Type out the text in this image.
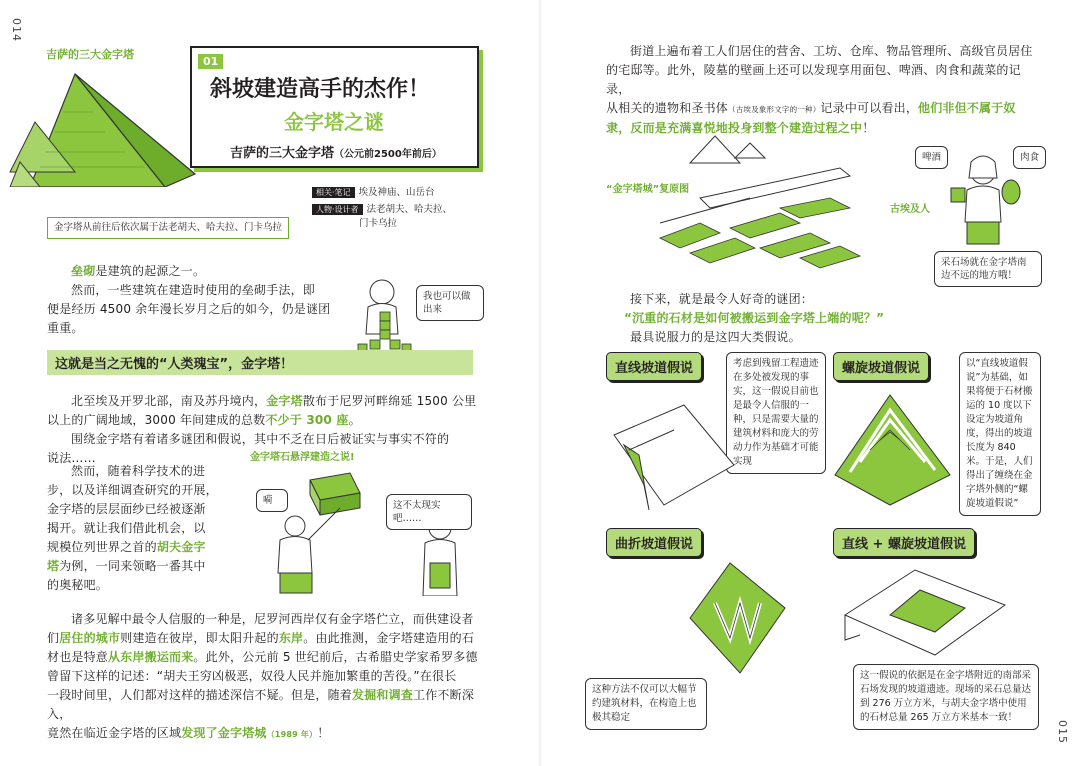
014
吉萨的三大金字塔
01
斜坡建造高手的杰作！
金字塔之谜
吉萨的三大金字塔（公元前2500年前后）
金字塔从前往后依次属于法老胡夫、哈夫拉、门卡乌拉
相关·笔记 埃及神庙、山岳台
人物·设计者 法老胡夫、哈夫拉、
门卡乌拉
垒砌是建筑的起源之一。
然而，一些建筑在建造时使用的垒砌手法，即
便是经历 4500 余年漫长岁月之后的如今，仍是谜团
重重。
我也可以做出来
这就是当之无愧的“人类瑰宝”，金字塔！
北至埃及开罗北部，南及苏丹境内，金字塔散布于尼罗河畔绵延 1500 公里
以上的广阔地域，3000 年间建成的总数不少于 300 座。
围绕金字塔有着诸多谜团和假说，其中不乏在日后被证实与事实不符的
说法……	金字塔石悬浮建造之说!
然而，随着科学技术的进
步，以及详细调查研究的开展，
金字塔的层层面纱已经被逐渐
揭开。就让我们借此机会，以
规模位列世界之首的胡夫金字
塔为例，一同来领略一番其中
的奥秘吧。
嗬	这不太现实吧……
诸多见解中最令人信服的一种是，尼罗河西岸仅有金字塔伫立，而供建设者
们居住的城市则建造在彼岸，即太阳升起的东岸。由此推测，金字塔建造用的石
材也是特意从东岸搬运而来。此外，公元前 5 世纪前后，古希腊史学家希罗多德
曾留下这样的记述：“胡夫王穷凶极恶，奴役人民并施加繁重的苦役。”在很长
一段时间里，人们都对这样的描述深信不疑。但是，随着发掘和调查工作不断深入，
竟然在临近金字塔的区域发现了金字塔城（1989 年）！
街道上遍布着工人们居住的营舍、工坊、仓库、物品管理所、高级官员居住
的宅邸等。此外，陵墓的壁画上还可以发现享用面包、啤酒、肉食和蔬菜的记录，
从相关的遗物和圣书体（古埃及象形文字的一种）记录中可以看出，他们非但不属于奴
隶，反而是充满喜悦地投身到整个建造过程之中！
“金字塔城”复原图
古埃及人
啤酒	肉食
采石场就在金字塔南边不远的地方哦！
接下来，就是最令人好奇的谜团：
“沉重的石材是如何被搬运到金字塔上端的呢？”
最具说服力的是这四大类假说。
直线坡道假说	考虑到残留工程遗迹在多处被发现的事实，这一假说目前也是最令人信服的一种，只是需要大量的建筑材料和庞大的劳动力作为基础才可能实现
螺旋坡道假说	以“直线坡道假说”为基础，如果将便于石材搬运的 10 度以下设定为坡道角度，得出的坡道长度为 840 米。于是，人们得出了缠绕在金字塔外侧的“螺旋坡道假说”
曲折坡道假说
这种方法不仅可以大幅节约建筑材料，在构造上也极其稳定
直线 + 螺旋坡道假说
这一假说的依据是在金字塔附近的南部采石场发现的坡道遗迹。现场的采石总量达到 276 万立方米，与胡夫金字塔中使用的石材总量 265 万立方米基本一致！
015
